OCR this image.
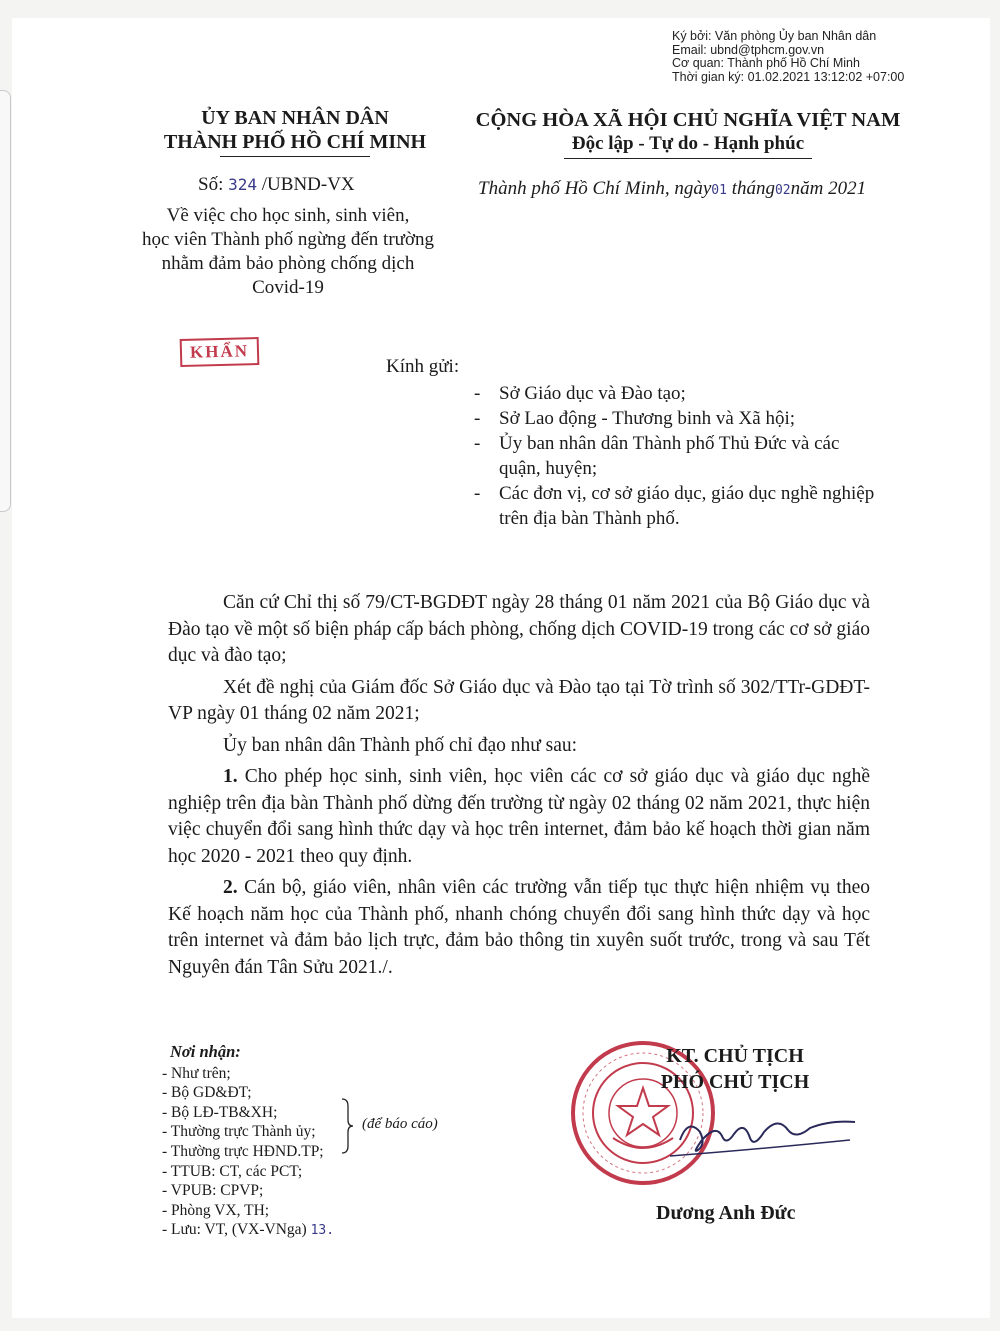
Ký bởi: Văn phòng Ủy ban Nhân dân
Email: ubnd@tphcm.gov.vn
Cơ quan: Thành phố Hồ Chí Minh
Thời gian ký: 01.02.2021 13:12:02 +07:00
ỦY BAN NHÂN DÂN
THÀNH PHỐ HỒ CHÍ MINH
CỘNG HÒA XÃ HỘI CHỦ NGHĨA VIỆT NAM
Độc lập - Tự do - Hạnh phúc
Số: 324 /UBND-VX	Thành phố Hồ Chí Minh, ngày01 tháng02năm 2021
Về việc cho học sinh, sinh viên,
học viên Thành phố ngừng đến trường
nhằm đảm bảo phòng chống dịch
Covid-19
KHẨN
Kính gửi:
- Sở Giáo dục và Đào tạo;
- Sở Lao động - Thương binh và Xã hội;
- Ủy ban nhân dân Thành phố Thủ Đức và các quận, huyện;
- Các đơn vị, cơ sở giáo dục, giáo dục nghề nghiệp trên địa bàn Thành phố.

Căn cứ Chỉ thị số 79/CT-BGDĐT ngày 28 tháng 01 năm 2021 của Bộ Giáo dục và Đào tạo về một số biện pháp cấp bách phòng, chống dịch COVID-19 trong các cơ sở giáo dục và đào tạo;

Xét đề nghị của Giám đốc Sở Giáo dục và Đào tạo tại Tờ trình số 302/TTr-GDĐT-VP ngày 01 tháng 02 năm 2021;

Ủy ban nhân dân Thành phố chỉ đạo như sau:

1. Cho phép học sinh, sinh viên, học viên các cơ sở giáo dục và giáo dục nghề nghiệp trên địa bàn Thành phố dừng đến trường từ ngày 02 tháng 02 năm 2021, thực hiện việc chuyển đổi sang hình thức dạy và học trên internet, đảm bảo kế hoạch thời gian năm học 2020 - 2021 theo quy định.

2. Cán bộ, giáo viên, nhân viên các trường vẫn tiếp tục thực hiện nhiệm vụ theo Kế hoạch năm học của Thành phố, nhanh chóng chuyển đổi sang hình thức dạy và học trên internet và đảm bảo lịch trực, đảm bảo thông tin xuyên suốt trước, trong và sau Tết Nguyên đán Tân Sửu 2021./.

Nơi nhận:
- Như trên;
- Bộ GD&ĐT;
- Bộ LĐ-TB&XH;
- Thường trực Thành ủy;
- Thường trực HĐND.TP;
- TTUB: CT, các PCT;
- VPUB: CPVP;
- Phòng VX, TH;
- Lưu: VT, (VX-VNga) 13.
(để báo cáo)
KT. CHỦ TỊCH
PHÓ CHỦ TỊCH
Dương Anh Đức
